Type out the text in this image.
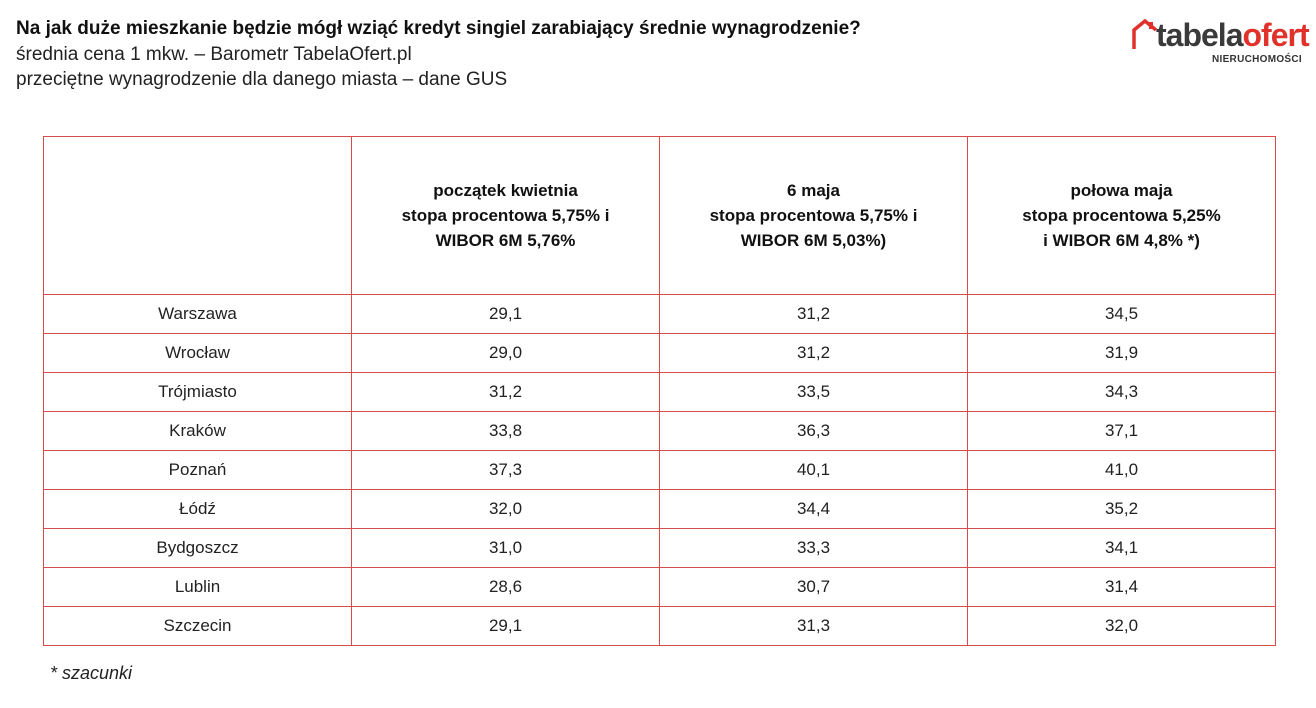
Na jak duże mieszkanie będzie mógł wziąć kredyt singiel zarabiający średnie wynagrodzenie?
średnia cena 1 mkw. – Barometr TabelaOfert.pl
przeciętne wynagrodzenie dla danego miasta – dane GUS
tabelaofert
NIERUCHOMOŚCI

	początek kwietnia
stopa procentowa 5,75% i
WIBOR 6M 5,76%	6 maja
stopa procentowa 5,75% i
WIBOR 6M 5,03%)	połowa maja
stopa procentowa 5,25%
i WIBOR 6M 4,8% *)

Warszawa	29,1	31,2	34,5
Wrocław	29,0	31,2	31,9
Trójmiasto	31,2	33,5	34,3
Kraków	33,8	36,3	37,1
Poznań	37,3	40,1	41,0
Łódź	32,0	34,4	35,2
Bydgoszcz	31,0	33,3	34,1
Lublin	28,6	30,7	31,4
Szczecin	29,1	31,3	32,0
* szacunki
